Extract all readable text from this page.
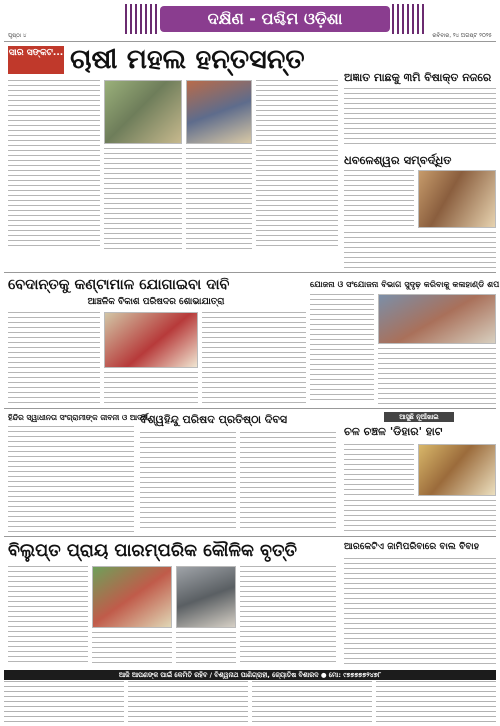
ପୃଷ୍ଠା ୪
ଦକ୍ଷିଣ - ପଶ୍ଚିମ ଓଡ଼ିଶା
ରବିବାର, ୨୪ ଅଗଷ୍ଟ ୨୦୨୫
ସାର ସଙ୍କଟ... ଚାଷୀ ମହଲ ହନ୍ତସନ୍ତ
ଅଜ୍ଞାତ ମାଛକୁ ୩ମି ବିଷାକ୍ତ ନଜରେ
ଧବଳେଶ୍ୱର ସମ୍ବର୍ଦ୍ଧିତ
ବେଦାନ୍ତକୁ କଣ୍ଟାମାଳ ଯୋଗାଇବା ଦାବି
ଆଞ୍ଚଳିକ ବିକାଶ ପରିଷଦର ଶୋଭାଯାତ୍ରା
ଯୋଜନା ଓ ସଂଯୋଜନା ବିଭାଗ ସୁଦୃଢ଼ କରିବାକୁ କଳାହାଣ୍ଡି ଶପ
ହିନ୍ଦିର ସ୍ୱାଧୀନତା ସଂଗ୍ରାମୀଙ୍କ ଜୀବନୀ ଓ ଆଦର୍ଶ
ବିଶ୍ୱହିନ୍ଦୁ ପରିଷଦ ପ୍ରତିଷ୍ଠା ଦିବସ	ଆସୁଛି ନୂଆଁଖାଇ
ଚଳ ଚଞ୍ଚଳ 'ଡିହାର' ହାଟ
ବିଲୁପ୍ତ ପ୍ରାୟ ପାରମ୍ପରିକ କୌଳିକ ବୃତ୍ତି	ଆରକେଟିଏ ଜାମିପରିବାରେ ବାଲ ବିବାହ
ଆଜି ଆପଣଙ୍କ ପାଇଁ କେମିତି ରହିବ / ବିଶ୍ୱନାଥ ପାଣିଗ୍ରାହୀ, ଜ୍ୟୋତିଷ ବିଶାରଦ ● ମୋ: ୯୭୭୭୭୭୨୪୭୮
